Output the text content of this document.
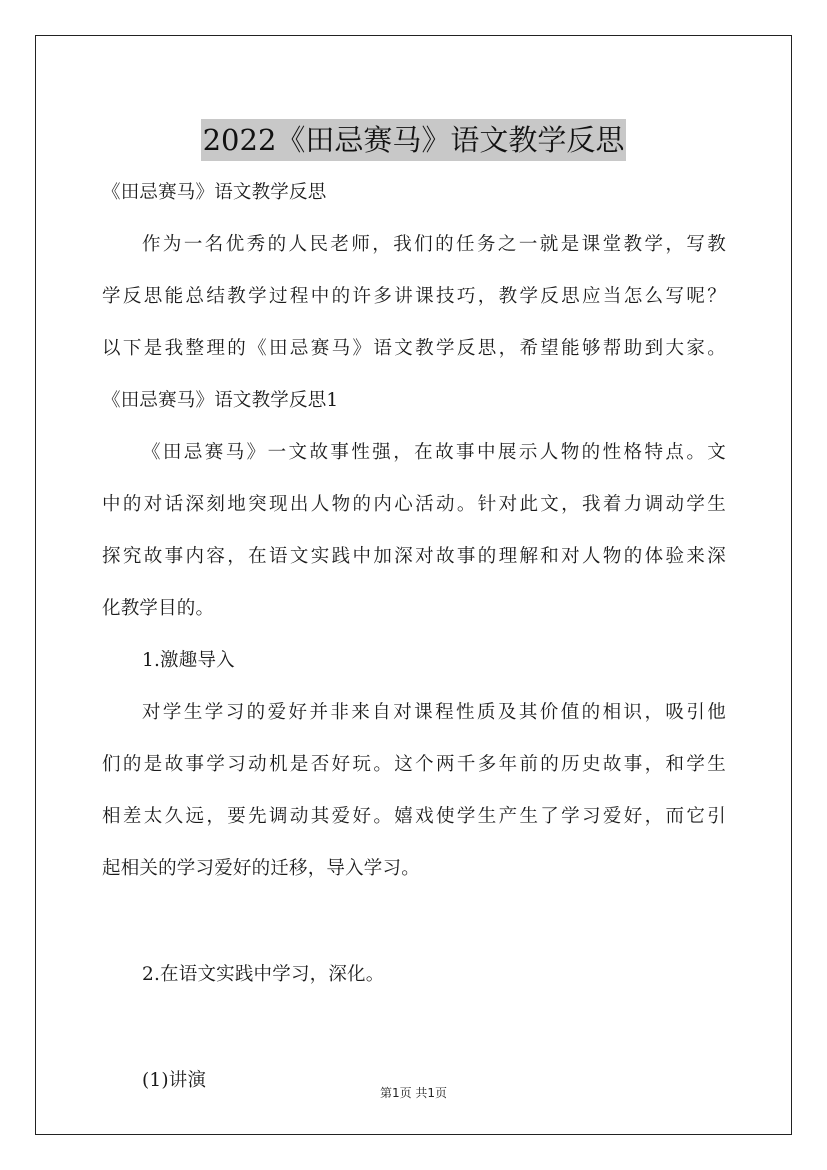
2022《田忌赛马》语文教学反思
《田忌赛马》语文教学反思
作为一名优秀的人民老师，我们的任务之一就是课堂教学，写教
学反思能总结教学过程中的许多讲课技巧，教学反思应当怎么写呢？
以下是我整理的《田忌赛马》语文教学反思，希望能够帮助到大家。
《田忌赛马》语文教学反思1
《田忌赛马》一文故事性强，在故事中展示人物的性格特点。文
中的对话深刻地突现出人物的内心活动。针对此文，我着力调动学生
探究故事内容，在语文实践中加深对故事的理解和对人物的体验来深
化教学目的。
1.激趣导入
对学生学习的爱好并非来自对课程性质及其价值的相识，吸引他
们的是故事学习动机是否好玩。这个两千多年前的历史故事，和学生
相差太久远，要先调动其爱好。嬉戏使学生产生了学习爱好，而它引
起相关的学习爱好的迁移，导入学习。
2.在语文实践中学习，深化。
(1)讲演
第1页 共1页
